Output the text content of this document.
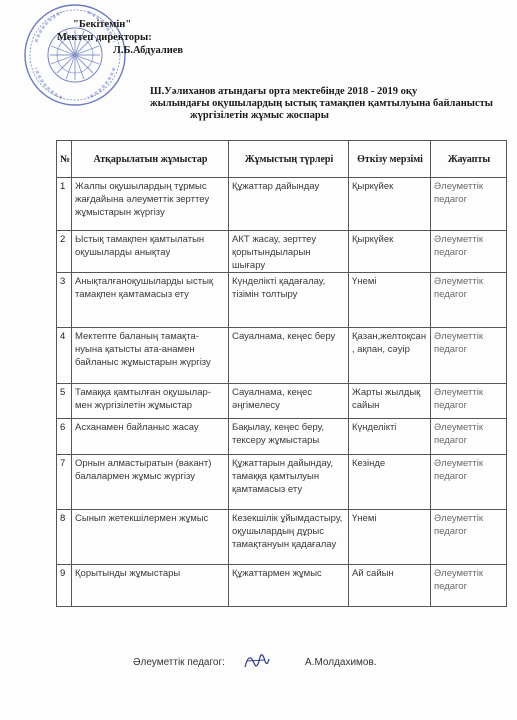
"Бекітемін"
Мектеп директоры:
Л.Б.Абдуалиев
Ш.Уәлиханов атындағы орта мектебінде 2018 - 2019 оқу
жылындағы оқушылардың ыстық тамақпен қамтылуына байланысты
жүргізілетін жұмыс жоспары
№	Атқарылатын жұмыстар	Жұмыстың түрлері	Өткізу мерзімі	Жауапты
1	Жалпы оқушылардың тұрмыс жағдайына әлеуметтік зерттеу жұмыстарын жүргізу	Құжаттар дайындау	Қыркүйек	Әлеуметтік педагог
2	Ыстық тамақпен қамтылатын оқушыларды анықтау	АКТ жасау, зерттеу қорытындыларын шығару	Қыркүйек	Әлеуметтік педагог
3	Анықталғаноқушыларды ыстық тамақпен қамтамасыз ету	Күнделікті қадағалау, тізімін толтыру	Үнемі	Әлеуметтік педагог
4	Мектепте баланың тамақта-нуына қатысты ата-анамен байланыс жұмыстарын жүргізу	Сауалнама, кеңес беру	Қазан,желтоқсан, ақпан, сәуір	Әлеуметтік педагог
5	Тамаққа қамтылған оқушылар-мен жүргізілетін жұмыстар	Сауалнама, кеңес әңгімелесу	Жарты жылдық сайын	Әлеуметтік педагог
6	Асханамен байланыс жасау	Бақылау, кеңес беру, тексеру жұмыстары	Күнделікті	Әлеуметтік педагог
7	Орнын алмастыратын (вакант) балалармен жұмыс жүргізу	Құжаттарын дайындау, тамаққа қамтылуын қамтамасыз ету	Кезінде	Әлеуметтік педагог
8	Сынып жетекшілермен жұмыс	Кезекшілік ұйымдастыру, оқушылардың дұрыс тамақтануын қадағалау	Үнемі	Әлеуметтік педагог
9	Қорытынды жұмыстары	Құжаттармен жұмыс	Ай сайын	Әлеуметтік педагог
Әлеуметтік педагог:	А.Молдахимов.
